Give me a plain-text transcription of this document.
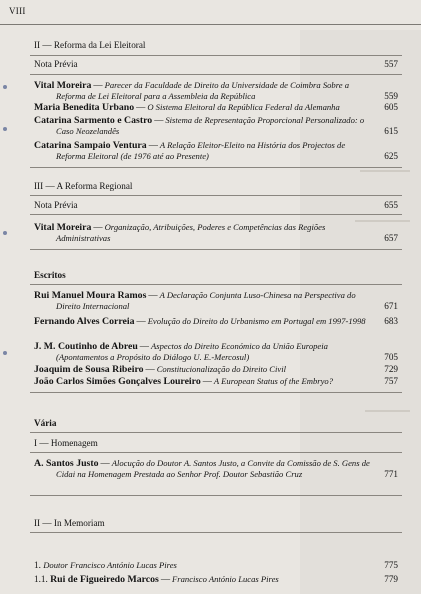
VIII
II — Reforma da Lei Eleitoral
Nota Prévia	557
Vital Moreira — Parecer da Faculdade de Direito da Universidade de Coimbra Sobre a Reforma de Lei Eleitoral para a Assembleia da República	559
Maria Benedita Urbano — O Sistema Eleitoral da República Federal da Alemanha	605
Catarina Sarmento e Castro — Sistema de Representação Proporcional Personalizado: o Caso Neozelandês	615
Catarina Sampaio Ventura — A Relação Eleitor-Eleito na História dos Projectos de Reforma Eleitoral (de 1976 até ao Presente)	625
III — A Reforma Regional
Nota Prévia	655
Vital Moreira — Organização, Atribuições, Poderes e Competências das Regiões Administrativas	657
Escritos
Rui Manuel Moura Ramos — A Declaração Conjunta Luso-Chinesa na Perspectiva do Direito Internacional	671
Fernando Alves Correia — Evolução do Direito do Urbanismo em Portugal em 1997-1998	683
J. M. Coutinho de Abreu — Aspectos do Direito Económico da União Europeia (Apontamentos a Propósito do Diálogo U. E.-Mercosul)	705
Joaquim de Sousa Ribeiro — Constitucionalização do Direito Civil	729
João Carlos Simões Gonçalves Loureiro — A European Status of the Embryo?	757
Vária
I — Homenagem
A. Santos Justo — Alocução do Doutor A. Santos Justo, a Convite da Comissão de S. Gens de Cidai na Homenagem Prestada ao Senhor Prof. Doutor Sebastião Cruz	771
II — In Memoriam
1. Doutor Francisco António Lucas Pires	775
1.1. Rui de Figueiredo Marcos — Francisco António Lucas Pires	779
